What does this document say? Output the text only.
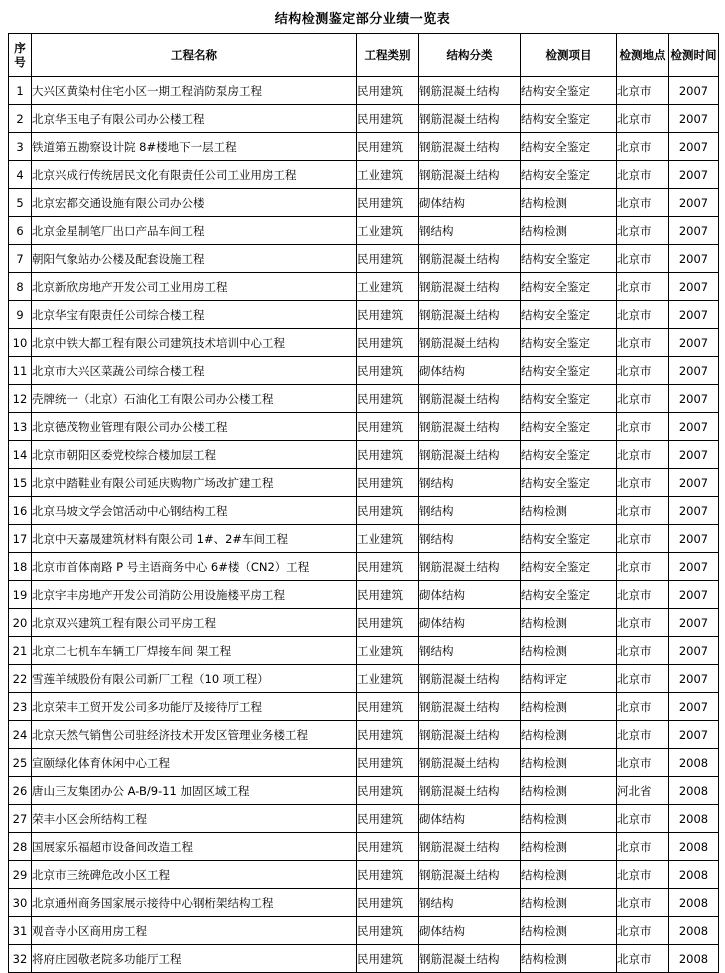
结构检测鉴定部分业绩一览表
序号	工程名称	工程类别	结构分类	检测项目	检测地点	检测时间
1	大兴区黄染村住宅小区一期工程消防泵房工程	民用建筑	钢筋混凝土结构	结构安全鉴定	北京市	2007
2	北京华玉电子有限公司办公楼工程	民用建筑	钢筋混凝土结构	结构安全鉴定	北京市	2007
3	铁道第五勘察设计院 8#楼地下一层工程	民用建筑	钢筋混凝土结构	结构安全鉴定	北京市	2007
4	北京兴成行传统居民文化有限责任公司工业用房工程	工业建筑	钢筋混凝土结构	结构安全鉴定	北京市	2007
5	北京宏都交通设施有限公司办公楼	民用建筑	砌体结构	结构检测	北京市	2007
6	北京金星制笔厂出口产品车间工程	工业建筑	钢结构	结构检测	北京市	2007
7	朝阳气象站办公楼及配套设施工程	民用建筑	钢筋混凝土结构	结构安全鉴定	北京市	2007
8	北京新欣房地产开发公司工业用房工程	工业建筑	钢筋混凝土结构	结构安全鉴定	北京市	2007
9	北京华宝有限责任公司综合楼工程	民用建筑	钢筋混凝土结构	结构安全鉴定	北京市	2007
10	北京中铁大都工程有限公司建筑技术培训中心工程	民用建筑	钢筋混凝土结构	结构安全鉴定	北京市	2007
11	北京市大兴区菜蔬公司综合楼工程	民用建筑	砌体结构	结构安全鉴定	北京市	2007
12	壳牌统一（北京）石油化工有限公司办公楼工程	民用建筑	钢筋混凝土结构	结构安全鉴定	北京市	2007
13	北京德茂物业管理有限公司办公楼工程	民用建筑	钢筋混凝土结构	结构安全鉴定	北京市	2007
14	北京市朝阳区委党校综合楼加层工程	民用建筑	钢筋混凝土结构	结构安全鉴定	北京市	2007
15	北京中踏鞋业有限公司延庆购物广场改扩建工程	民用建筑	钢结构	结构安全鉴定	北京市	2007
16	北京马坡文学会馆活动中心钢结构工程	民用建筑	钢结构	结构检测	北京市	2007
17	北京中天嘉晟建筑材料有限公司 1#、2#车间工程	工业建筑	钢结构	结构安全鉴定	北京市	2007
18	北京市首体南路 P 号主语商务中心 6#楼（CN2）工程	民用建筑	钢筋混凝土结构	结构安全鉴定	北京市	2007
19	北京宇丰房地产开发公司消防公用设施楼平房工程	民用建筑	砌体结构	结构安全鉴定	北京市	2007
20	北京双兴建筑工程有限公司平房工程	民用建筑	砌体结构	结构检测	北京市	2007
21	北京二七机车车辆工厂焊接车间 架工程	工业建筑	钢结构	结构检测	北京市	2007
22	雪莲羊绒股份有限公司新厂工程（10 项工程）	工业建筑	钢筋混凝土结构	结构评定	北京市	2007
23	北京荣丰工贸开发公司多功能厅及接待厅工程	民用建筑	钢筋混凝土结构	结构检测	北京市	2007
24	北京天然气销售公司驻经济技术开发区管理业务楼工程	民用建筑	钢筋混凝土结构	结构检测	北京市	2007
25	宣颐绿化体育休闲中心工程	民用建筑	钢筋混凝土结构	结构检测	北京市	2008
26	唐山三友集团办公 A-B/9-11 加固区域工程	民用建筑	钢筋混凝土结构	结构检测	河北省	2008
27	荣丰小区会所结构工程	民用建筑	砌体结构	结构检测	北京市	2008
28	国展家乐福超市设备间改造工程	民用建筑	钢筋混凝土结构	结构检测	北京市	2008
29	北京市三统碑危改小区工程	民用建筑	钢筋混凝土结构	结构检测	北京市	2008
30	北京通州商务国家展示接待中心钢桁架结构工程	民用建筑	钢结构	结构检测	北京市	2008
31	观音寺小区商用房工程	民用建筑	砌体结构	结构检测	北京市	2008
32	将府庄园敬老院多功能厅工程	民用建筑	钢筋混凝土结构	结构检测	北京市	2008
